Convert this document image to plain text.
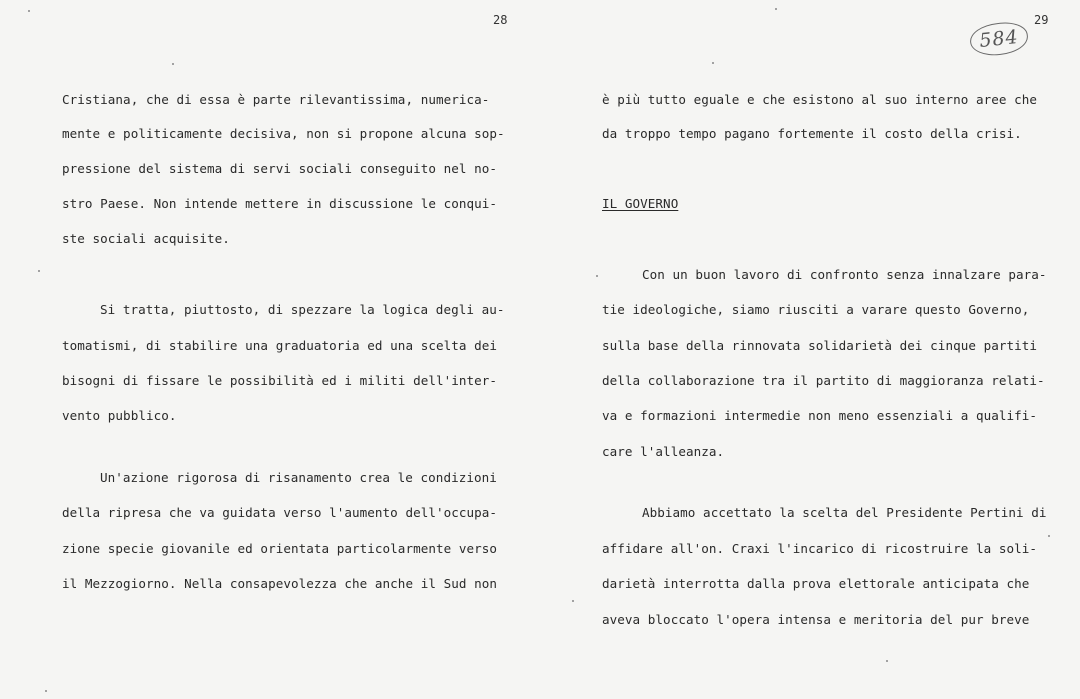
28
Cristiana, che di essa è parte rilevantissima, numerica-
mente e politicamente decisiva, non si propone alcuna sop-
pressione del sistema di servi sociali conseguito nel no-
stro Paese. Non intende mettere in discussione le conqui-
ste sociali acquisite.
Si tratta, piuttosto, di spezzare la logica degli au-
tomatismi, di stabilire una graduatoria ed una scelta dei
bisogni di fissare le possibilità ed i militi dell'inter-
vento pubblico.
Un'azione rigorosa di risanamento crea le condizioni
della ripresa che va guidata verso l'aumento dell'occupa-
zione specie giovanile ed orientata particolarmente verso
il Mezzogiorno. Nella consapevolezza che anche il Sud non
29
584
è più tutto eguale e che esistono al suo interno aree che
da troppo tempo pagano fortemente il costo della crisi.
IL GOVERNO
Con un buon lavoro di confronto senza innalzare para-
tie ideologiche, siamo riusciti a varare questo Governo,
sulla base della rinnovata solidarietà dei cinque partiti
della collaborazione tra il partito di maggioranza relati-
va e formazioni intermedie non meno essenziali a qualifi-
care l'alleanza.
Abbiamo accettato la scelta del Presidente Pertini di
affidare all'on. Craxi l'incarico di ricostruire la soli-
darietà interrotta dalla prova elettorale anticipata che
aveva bloccato l'opera intensa e meritoria del pur breve
